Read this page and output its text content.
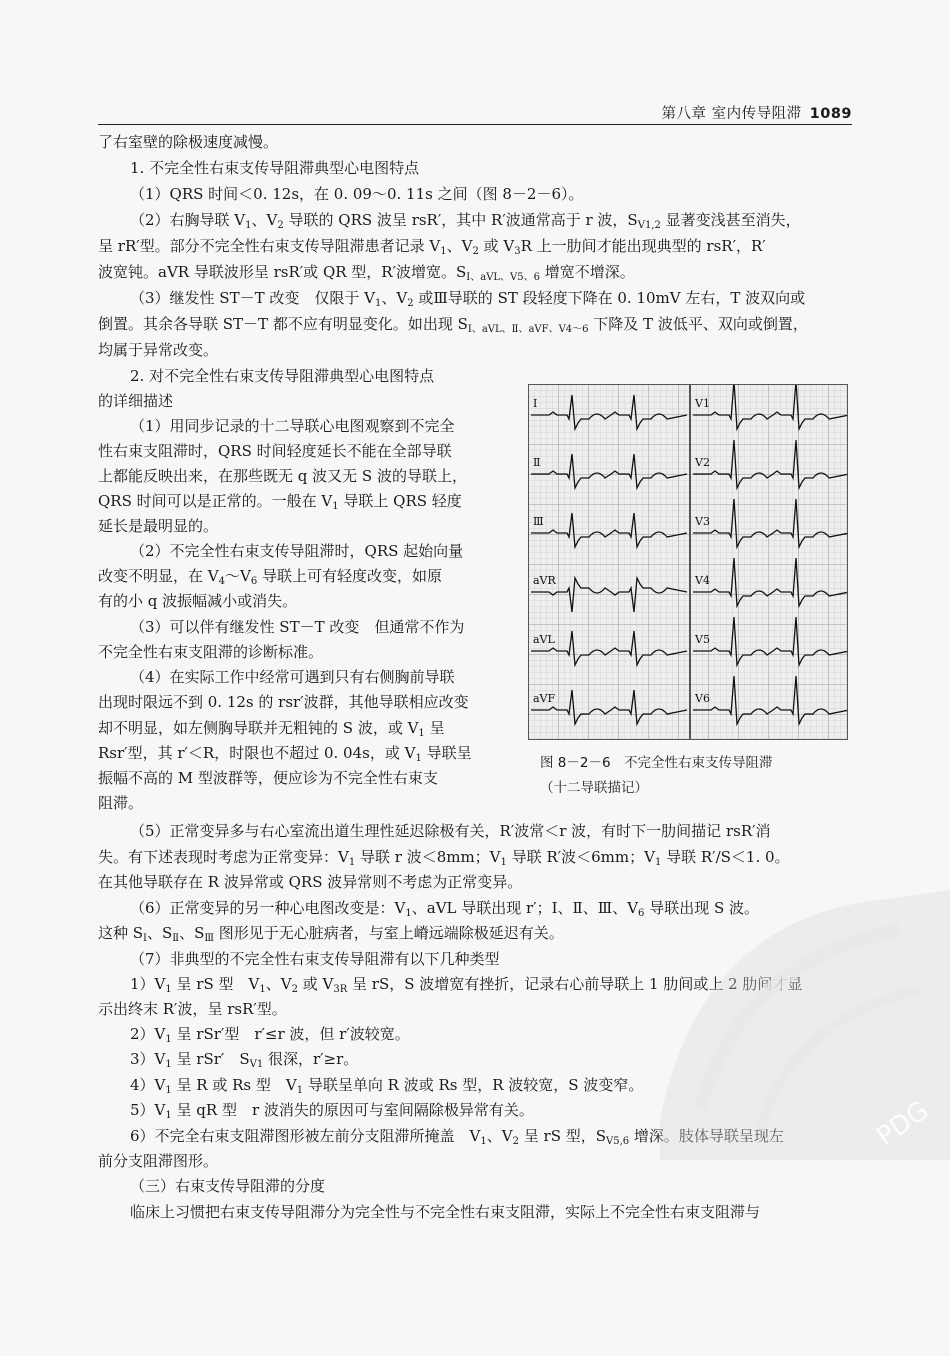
第八章 室内传导阻滞 1089
了右室壁的除极速度减慢。
1. 不完全性右束支传导阻滞典型心电图特点
（1）QRS 时间＜0. 12s，在 0. 09～0. 11s 之间（图 8－2－6）。
（2）右胸导联 $V_1$、$V_2$ 导联的 QRS 波呈 rsR′，其中 R′波通常高于 r 波，$S_{V1,2}$ 显著变浅甚至消失，
呈 rR′型。部分不完全性右束支传导阻滞患者记录 $V_1$、$V_2$ 或 $V_3R$ 上一肋间才能出现典型的 rsR′，R′
波宽钝。aVR 导联波形呈 rsR′或 QR 型，R′波增宽。$S_{Ⅰ、aVL、V5、6}$ 增宽不增深。
（3）继发性 ST－T 改变　仅限于 $V_1$、$V_2$ 或Ⅲ导联的 ST 段轻度下降在 0. 10mV 左右，T 波双向或
倒置。其余各导联 ST－T 都不应有明显变化。如出现 $S_{Ⅰ、aVL、Ⅱ、aVF、V4\sim 6}$ 下降及 T 波低平、双向或倒置，
均属于异常改变。
2. 对不完全性右束支传导阻滞典型心电图特点
的详细描述
（1）用同步记录的十二导联心电图观察到不完全
性右束支阻滞时，QRS 时间轻度延长不能在全部导联
上都能反映出来，在那些既无 q 波又无 S 波的导联上，
QRS 时间可以是正常的。一般在 $V_1$ 导联上 QRS 轻度
延长是最明显的。
（2）不完全性右束支传导阻滞时，QRS 起始向量
改变不明显，在 $V_4\sim V_6$ 导联上可有轻度改变，如原
有的小 q 波振幅减小或消失。
（3）可以伴有继发性 ST－T 改变　但通常不作为
不完全性右束支阻滞的诊断标准。
（4）在实际工作中经常可遇到只有右侧胸前导联
出现时限远不到 0. 12s 的 rsr′波群，其他导联相应改变
却不明显，如左侧胸导联并无粗钝的 S 波，或 $V_1$ 呈
Rsr′型，其 r′＜R，时限也不超过 0. 04s，或 $V_1$ 导联呈
振幅不高的 M 型波群等，便应诊为不完全性右束支
阻滞。
Ⅰ
Ⅱ
Ⅲ
aVR
aVL
aVF
V1
V2
V3
V4
V5
V6
图 8－2－6　不完全性右束支传导阻滞
（十二导联描记）
（5）正常变异多与右心室流出道生理性延迟除极有关，R′波常＜r 波，有时下一肋间描记 rsR′消
失。有下述表现时考虑为正常变异：$V_1$ 导联 r 波＜8mm；$V_1$ 导联 R′波＜6mm；$V_1$ 导联 R′/S＜1. 0。
在其他导联存在 R 波异常或 QRS 波异常则不考虑为正常变异。
（6）正常变异的另一种心电图改变是：$V_1$、aVL 导联出现 r′；Ⅰ、Ⅱ、Ⅲ、$V_6$ 导联出现 S 波。
这种 $S_Ⅰ$、$S_Ⅱ$、$S_Ⅲ$ 图形见于无心脏病者，与室上嵴远端除极延迟有关。
（7）非典型的不完全性右束支传导阻滞有以下几种类型
$1)V_1$ 呈 rS 型　$V_1$、$V_2$ 或 $V_{3R}$ 呈 rS，S 波增宽有挫折，记录右心前导联上 1 肋间或上 2 肋间才显
示出终末 R′波，呈 rsR′型。
$2)V_1$ 呈 rSr′型　r′≤r 波，但 r′波较宽。
$3)V_1$ 呈 rSr′　$S_{V1}$ 很深，r′≥r。
$4)V_1$ 呈 R 或 Rs 型　$V_1$ 导联呈单向 R 波或 Rs 型，R 波较宽，S 波变窄。
$5)V_1$ 呈 qR 型　r 波消失的原因可与室间隔除极异常有关。
6）不完全右束支阻滞图形被左前分支阻滞所掩盖　$V_1$、$V_2$ 呈 rS 型，$S_{V5,6}$ 增深。肢体导联呈现左
前分支阻滞图形。
（三）右束支传导阻滞的分度
临床上习惯把右束支传导阻滞分为完全性与不完全性右束支阻滞，实际上不完全性右束支阻滞与
PDG
